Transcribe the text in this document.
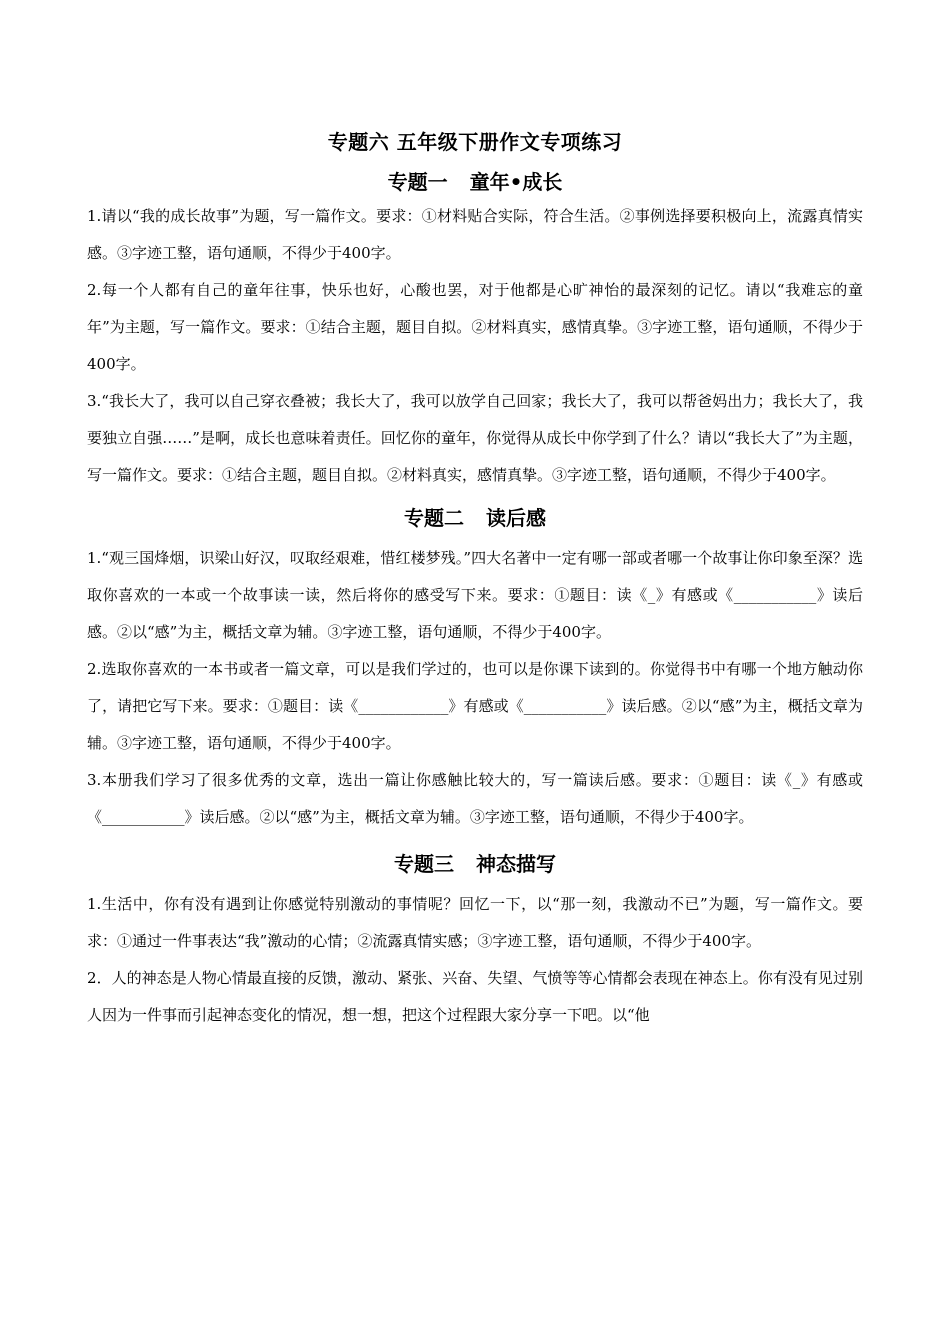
专题六 五年级下册作文专项练习
专题一 童年•成长

1.请以“我的成长故事”为题，写一篇作文。要求：①材料贴合实际，符合生活。②事例选择要积极向上，流露真情实感。③字迹工整，语句通顺，不得少于400字。

2.每一个人都有自己的童年往事，快乐也好，心酸也罢，对于他都是心旷神怡的最深刻的记忆。请以“我难忘的童年”为主题，写一篇作文。要求：①结合主题，题目自拟。②材料真实，感情真挚。③字迹工整，语句通顺，不得少于400字。

3.“我长大了，我可以自己穿衣叠被；我长大了，我可以放学自己回家；我长大了，我可以帮爸妈出力；我长大了，我要独立自强……”是啊，成长也意味着责任。回忆你的童年，你觉得从成长中你学到了什么？请以“我长大了”为主题，写一篇作文。要求：①结合主题，题目自拟。②材料真实，感情真挚。③字迹工整，语句通顺，不得少于400字。

专题二 读后感

1.“观三国烽烟，识梁山好汉，叹取经艰难，惜红楼梦残。”四大名著中一定有哪一部或者哪一个故事让你印象至深？选取你喜欢的一本或一个故事读一读，然后将你的感受写下来。要求：①题目：读《_》有感或《___________》读后感。②以“感”为主，概括文章为辅。③字迹工整，语句通顺，不得少于400字。

2.选取你喜欢的一本书或者一篇文章，可以是我们学过的，也可以是你课下读到的。你觉得书中有哪一个地方触动你了，请把它写下来。要求：①题目：读《____________》有感或《___________》读后感。②以“感”为主，概括文章为辅。③字迹工整，语句通顺，不得少于400字。

3.本册我们学习了很多优秀的文章，选出一篇让你感触比较大的，写一篇读后感。要求：①题目：读《_》有感或《___________》读后感。②以“感”为主，概括文章为辅。③字迹工整，语句通顺，不得少于400字。

专题三 神态描写

1.生活中，你有没有遇到让你感觉特别激动的事情呢？回忆一下，以“那一刻，我激动不已”为题，写一篇作文。要求：①通过一件事表达“我”激动的心情；②流露真情实感；③字迹工整，语句通顺，不得少于400字。

2．人的神态是人物心情最直接的反馈，激动、紧张、兴奋、失望、气愤等等心情都会表现在神态上。你有没有见过别人因为一件事而引起神态变化的情况，想一想，把这个过程跟大家分享一下吧。以“他
